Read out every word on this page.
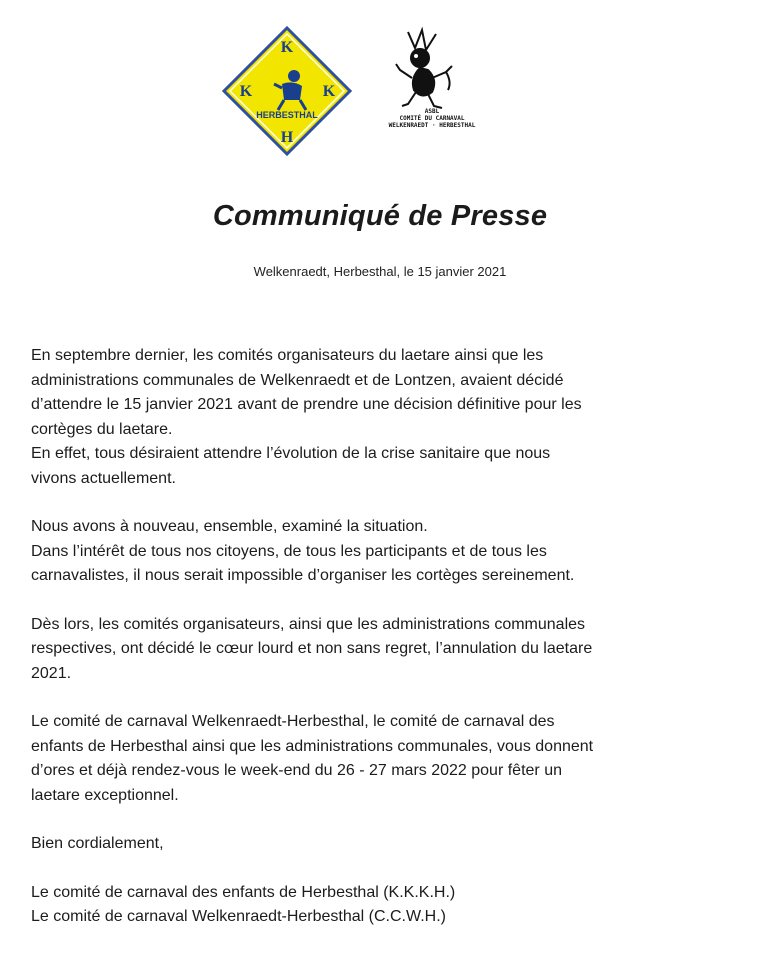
K
K	K
H
HERBESTHAL	ASBL
COMITÉ DU CARNAVAL
WELKENRAEDT · HERBESTHAL
Communiqué de Presse
Welkenraedt, Herbesthal, le 15 janvier 2021

En septembre dernier, les comités organisateurs du laetare ainsi que les
administrations communales de Welkenraedt et de Lontzen, avaient décidé
d’attendre le 15 janvier 2021 avant de prendre une décision définitive pour les
cortèges du laetare.
En effet, tous désiraient attendre l’évolution de la crise sanitaire que nous
vivons actuellement.

Nous avons à nouveau, ensemble, examiné la situation.
Dans l’intérêt de tous nos citoyens, de tous les participants et de tous les
carnavalistes, il nous serait impossible d’organiser les cortèges sereinement.

Dès lors, les comités organisateurs, ainsi que les administrations communales
respectives, ont décidé le cœur lourd et non sans regret, l’annulation du laetare
2021.

Le comité de carnaval Welkenraedt-Herbesthal, le comité de carnaval des
enfants de Herbesthal ainsi que les administrations communales, vous donnent
d’ores et déjà rendez-vous le week-end du 26 - 27 mars 2022 pour fêter un
laetare exceptionnel.

Bien cordialement,

Le comité de carnaval des enfants de Herbesthal (K.K.K.H.)
Le comité de carnaval Welkenraedt-Herbesthal (C.C.W.H.)
